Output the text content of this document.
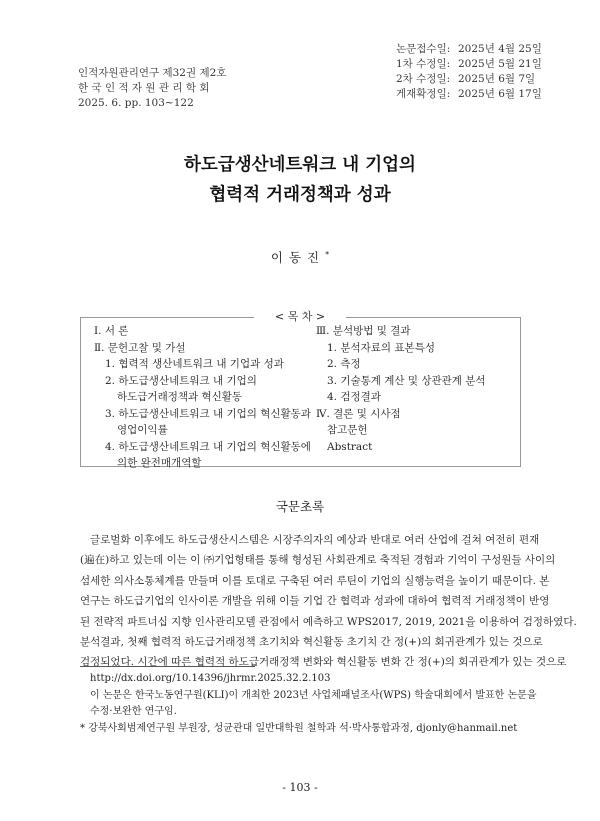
인적자원관리연구 제32권 제2호
한 국 인 적 자 원 관 리 학 회
2025. 6. pp. 103∼122
논문접수일: 2025년 4월 25일
1차 수정일: 2025년 5월 21일
2차 수정일: 2025년 6월 7일
게재확정일: 2025년 6월 17일
하도급생산네트워크 내 기업의
협력적 거래정책과 성과
이동진*
< 목 차 >
Ⅰ. 서 론
Ⅱ. 문헌고찰 및 가설
1. 협력적 생산네트워크 내 기업과 성과
2. 하도급생산네트워크 내 기업의
하도급거래정책과 혁신활동
3. 하도급생산네트워크 내 기업의 혁신활동과
영업이익률
4. 하도급생산네트워크 내 기업의 혁신활동에
의한 완전매개역할
Ⅲ. 분석방법 및 결과
1. 분석자료의 표본특성
2. 측정
3. 기술통계 계산 및 상관관계 분석
4. 검정결과
Ⅳ. 결론 및 시사점
참고문헌
Abstract
국문초록
글로벌화 이후에도 하도급생산시스템은 시장주의자의 예상과 반대로 여러 산업에 걸쳐 여전히 편재
(遍在)하고 있는데 이는 이 ㈜기업형태를 통해 형성된 사회관계로 축적된 경험과 기억이 구성원들 사이의
섬세한 의사소통체계를 만들며 이를 토대로 구축된 여러 루틴이 기업의 실행능력을 높이기 때문이다. 본
연구는 하도급기업의 인사이론 개발을 위해 이들 기업 간 협력과 성과에 대하여 협력적 거래정책이 반영
된 전략적 파트너십 지향 인사관리모델 관점에서 예측하고 WPS2017, 2019, 2021을 이용하여 검정하였다.
분석결과, 첫째 협력적 하도급거래정책 초기치와 혁신활동 초기치 간 정(+)의 회귀관계가 있는 것으로
검정되었다. 시간에 따른 협력적 하도급거래정책 변화와 혁신활동 변화 간 정(+)의 회귀관계가 있는 것으로
http://dx.doi.org/10.14396/jhrmr.2025.32.2.103
이 논문은 한국노동연구원(KLI)이 개최한 2023년 사업체패널조사(WPS) 학술대회에서 발표한 논문을
수정·보완한 연구임.
* 강북사회범제연구원 부원장, 성균관대 일반대학원 철학과 석·박사통합과정, djonly@hanmail.net
- 103 -
